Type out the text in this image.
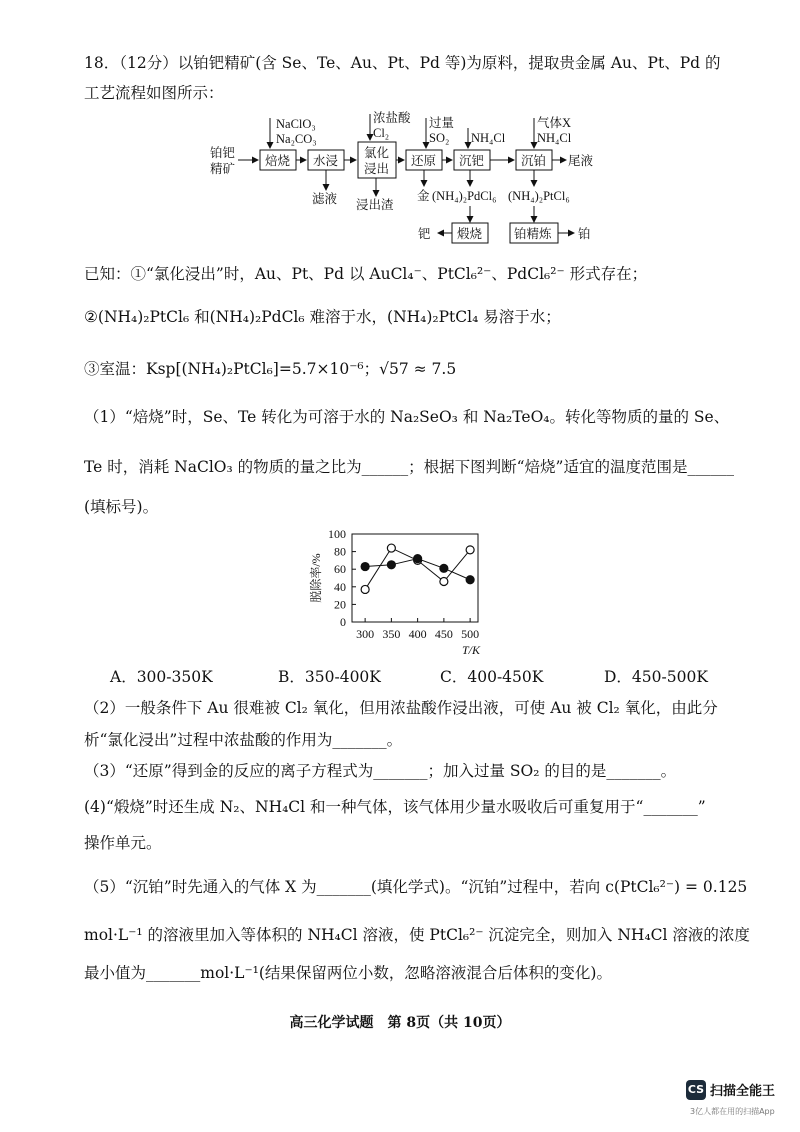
18．（12分）以铂钯精矿(含 Se、Te、Au、Pt、Pd 等)为原料，提取贵金属 Au、Pt、Pd 的
工艺流程如图所示：
铂钯
精矿
焙烧
NaClO₃
Na₂CO₃
水浸
滤液
氯化
浸出
浓盐酸
Cl₂
浸出渣
还原
过量
SO₂
金
沉钯
NH₄Cl
(NH₄)₂PdCl₆
沉铂
气体X
NH₄Cl
尾液
(NH₄)₂PtCl₆
煅烧
钯	铂精炼 铂
已知：①“氯化浸出”时，Au、Pt、Pd 以 AuCl₄⁻、PtCl₆²⁻、PdCl₆²⁻ 形式存在；
②(NH₄)₂PtCl₆ 和(NH₄)₂PdCl₆ 难溶于水，(NH₄)₂PtCl₄ 易溶于水；
③室温：Ksp[(NH₄)₂PtCl₆]=5.7×10⁻⁶；√57 ≈ 7.5
（1）“焙烧”时，Se、Te 转化为可溶于水的 Na₂SeO₃ 和 Na₂TeO₄。转化等物质的量的 Se、
Te 时，消耗 NaClO₃ 的物质的量之比为______；根据下图判断“焙烧”适宜的温度范围是______
(填标号)。
0
20
40
60
80
100
300 350 400 450 500
T/K
脱除率/%
A．300-350K	B．350-400K	C．400-450K	D．450-500K
（2）一般条件下 Au 很难被 Cl₂ 氧化，但用浓盐酸作浸出液，可使 Au 被 Cl₂ 氧化，由此分
析“氯化浸出”过程中浓盐酸的作用为_______。
（3）“还原”得到金的反应的离子方程式为_______；加入过量 SO₂ 的目的是_______。
(4)“煅烧”时还生成 N₂、NH₄Cl 和一种气体，该气体用少量水吸收后可重复用于“_______”
操作单元。
（5）“沉铂”时先通入的气体 X 为_______(填化学式)。“沉铂”过程中，若向 c(PtCl₆²⁻) = 0.125
mol·L⁻¹ 的溶液里加入等体积的 NH₄Cl 溶液，使 PtCl₆²⁻ 沉淀完全，则加入 NH₄Cl 溶液的浓度
最小值为_______mol·L⁻¹(结果保留两位小数，忽略溶液混合后体积的变化)。
高三化学试题　第 8页（共 10页）
CS 扫描全能王
3亿人都在用的扫描App
